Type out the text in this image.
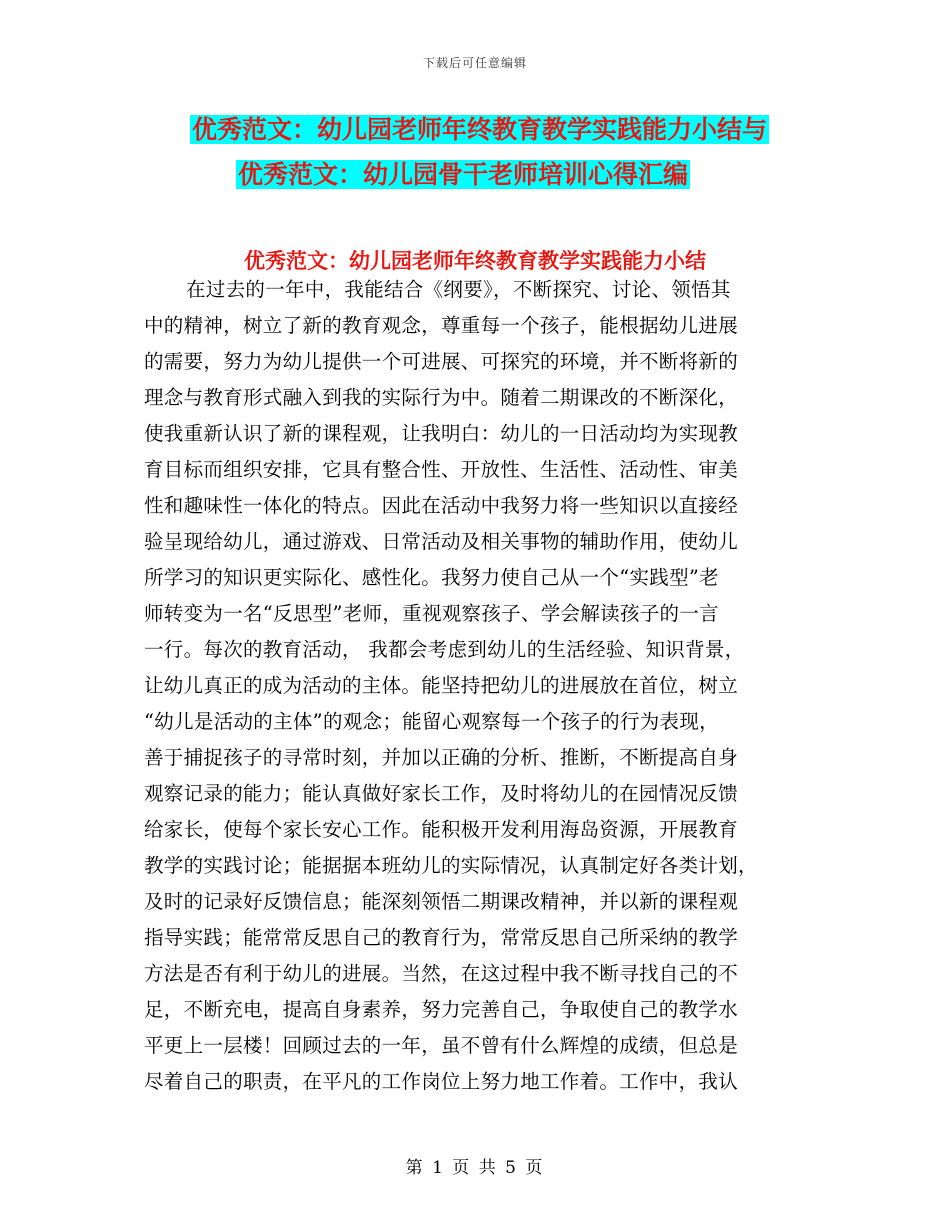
下载后可任意编辑
优秀范文：幼儿园老师年终教育教学实践能力小结与
优秀范文：幼儿园骨干老师培训心得汇编
优秀范文：幼儿园老师年终教育教学实践能力小结
在过去的一年中，我能结合《纲要》，不断探究、讨论、领悟其
中的精神，树立了新的教育观念，尊重每一个孩子，能根据幼儿进展
的需要，努力为幼儿提供一个可进展、可探究的环境，并不断将新的
理念与教育形式融入到我的实际行为中。随着二期课改的不断深化，
使我重新认识了新的课程观，让我明白：幼儿的一日活动均为实现教
育目标而组织安排，它具有整合性、开放性、生活性、活动性、审美
性和趣味性一体化的特点。因此在活动中我努力将一些知识以直接经
验呈现给幼儿，通过游戏、日常活动及相关事物的辅助作用，使幼儿
所学习的知识更实际化、感性化。我努力使自己从一个“实践型”老
师转变为一名“反思型”老师，重视观察孩子、学会解读孩子的一言
一行。每次的教育活动， 我都会考虑到幼儿的生活经验、知识背景，
让幼儿真正的成为活动的主体。能坚持把幼儿的进展放在首位，树立
“幼儿是活动的主体”的观念；能留心观察每一个孩子的行为表现，
善于捕捉孩子的寻常时刻，并加以正确的分析、推断，不断提高自身
观察记录的能力；能认真做好家长工作，及时将幼儿的在园情况反馈
给家长，使每个家长安心工作。能积极开发利用海岛资源，开展教育
教学的实践讨论；能据据本班幼儿的实际情况，认真制定好各类计划，
及时的记录好反馈信息；能深刻领悟二期课改精神，并以新的课程观
指导实践；能常常反思自己的教育行为，常常反思自己所采纳的教学
方法是否有利于幼儿的进展。当然，在这过程中我不断寻找自己的不
足，不断充电，提高自身素养，努力完善自己，争取使自己的教学水
平更上一层楼！回顾过去的一年，虽不曾有什么辉煌的成绩，但总是
尽着自己的职责，在平凡的工作岗位上努力地工作着。工作中，我认
第 1 页 共 5 页
